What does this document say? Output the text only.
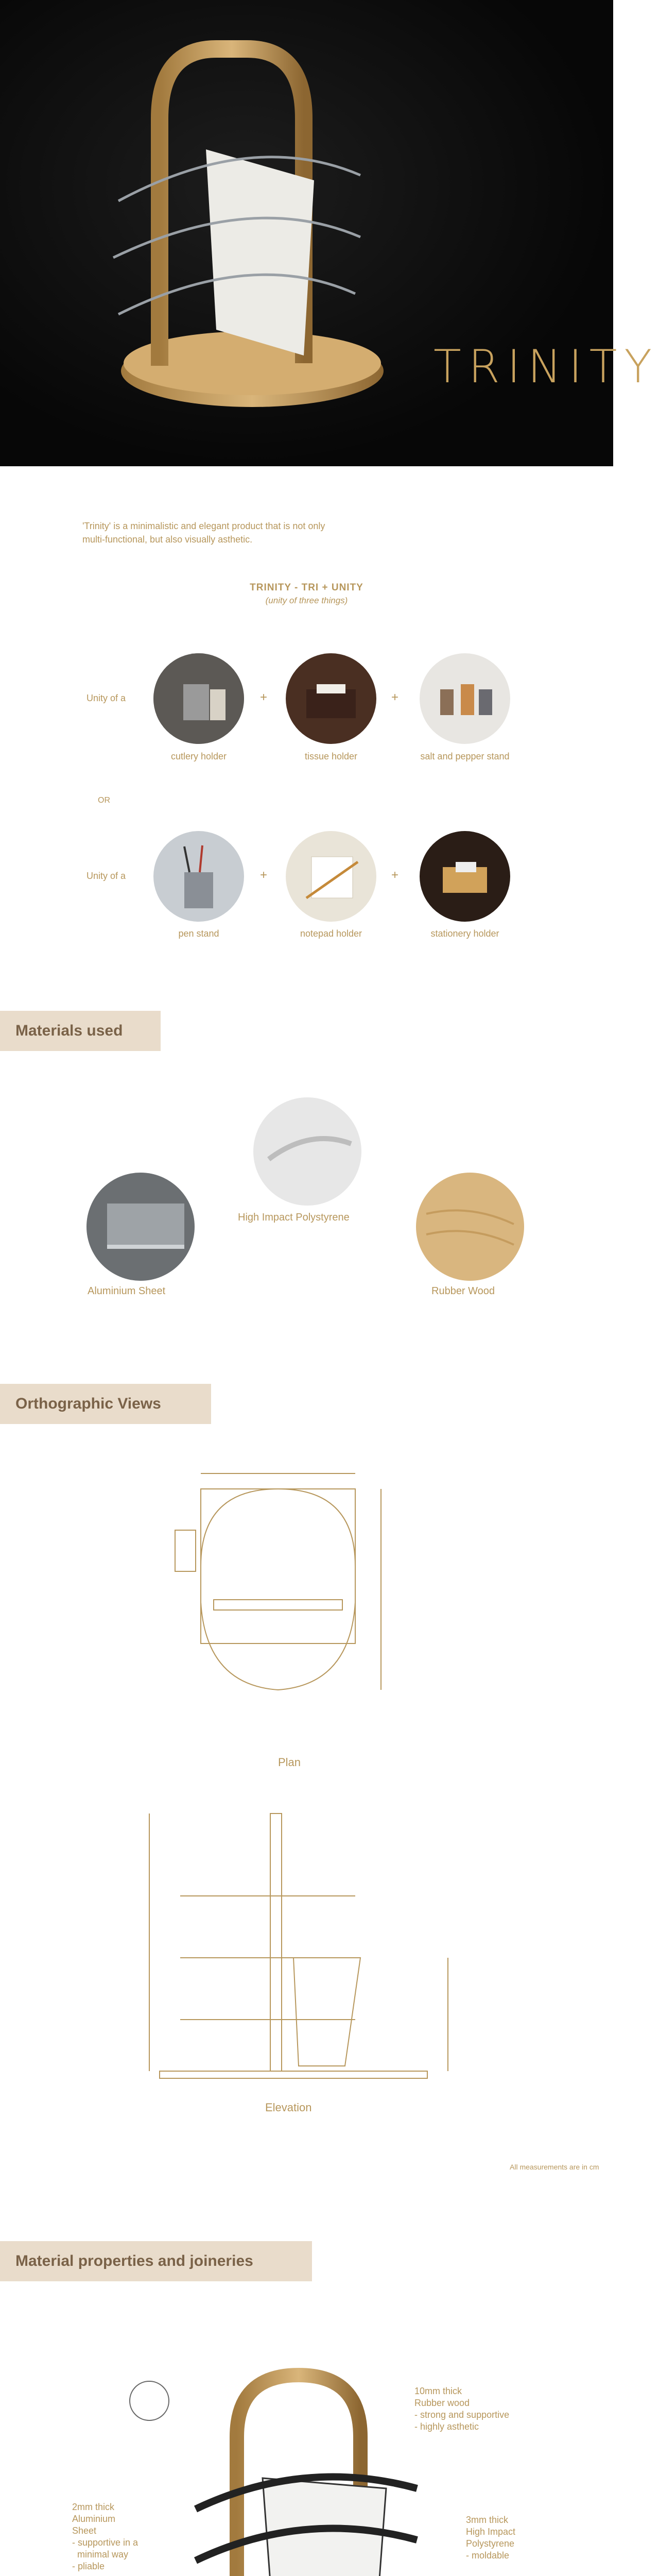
TRINITY
'Trinity' is a minimalistic and elegant product that is not only multi-functional, but also visually asthetic.
TRINITY - TRI + UNITY
(unity of three things)
Unity of a	+	+
cutlery holder	tissue holder	salt and pepper stand
OR
Unity of a	+	+
pen stand	notepad holder	stationery holder
Materials used
High Impact Polystyrene
Aluminium Sheet	Rubber Wood
Orthographic Views
Plan
Elevation
All measurements are in cm
Material properties and joineries
10mm thick
Rubber wood
- strong and supportive
- highly asthetic
2mm thick
Aluminium
Sheet
- supportive in a
minimal way
- pliable
3mm thick
High Impact
Polystyrene
- moldable
